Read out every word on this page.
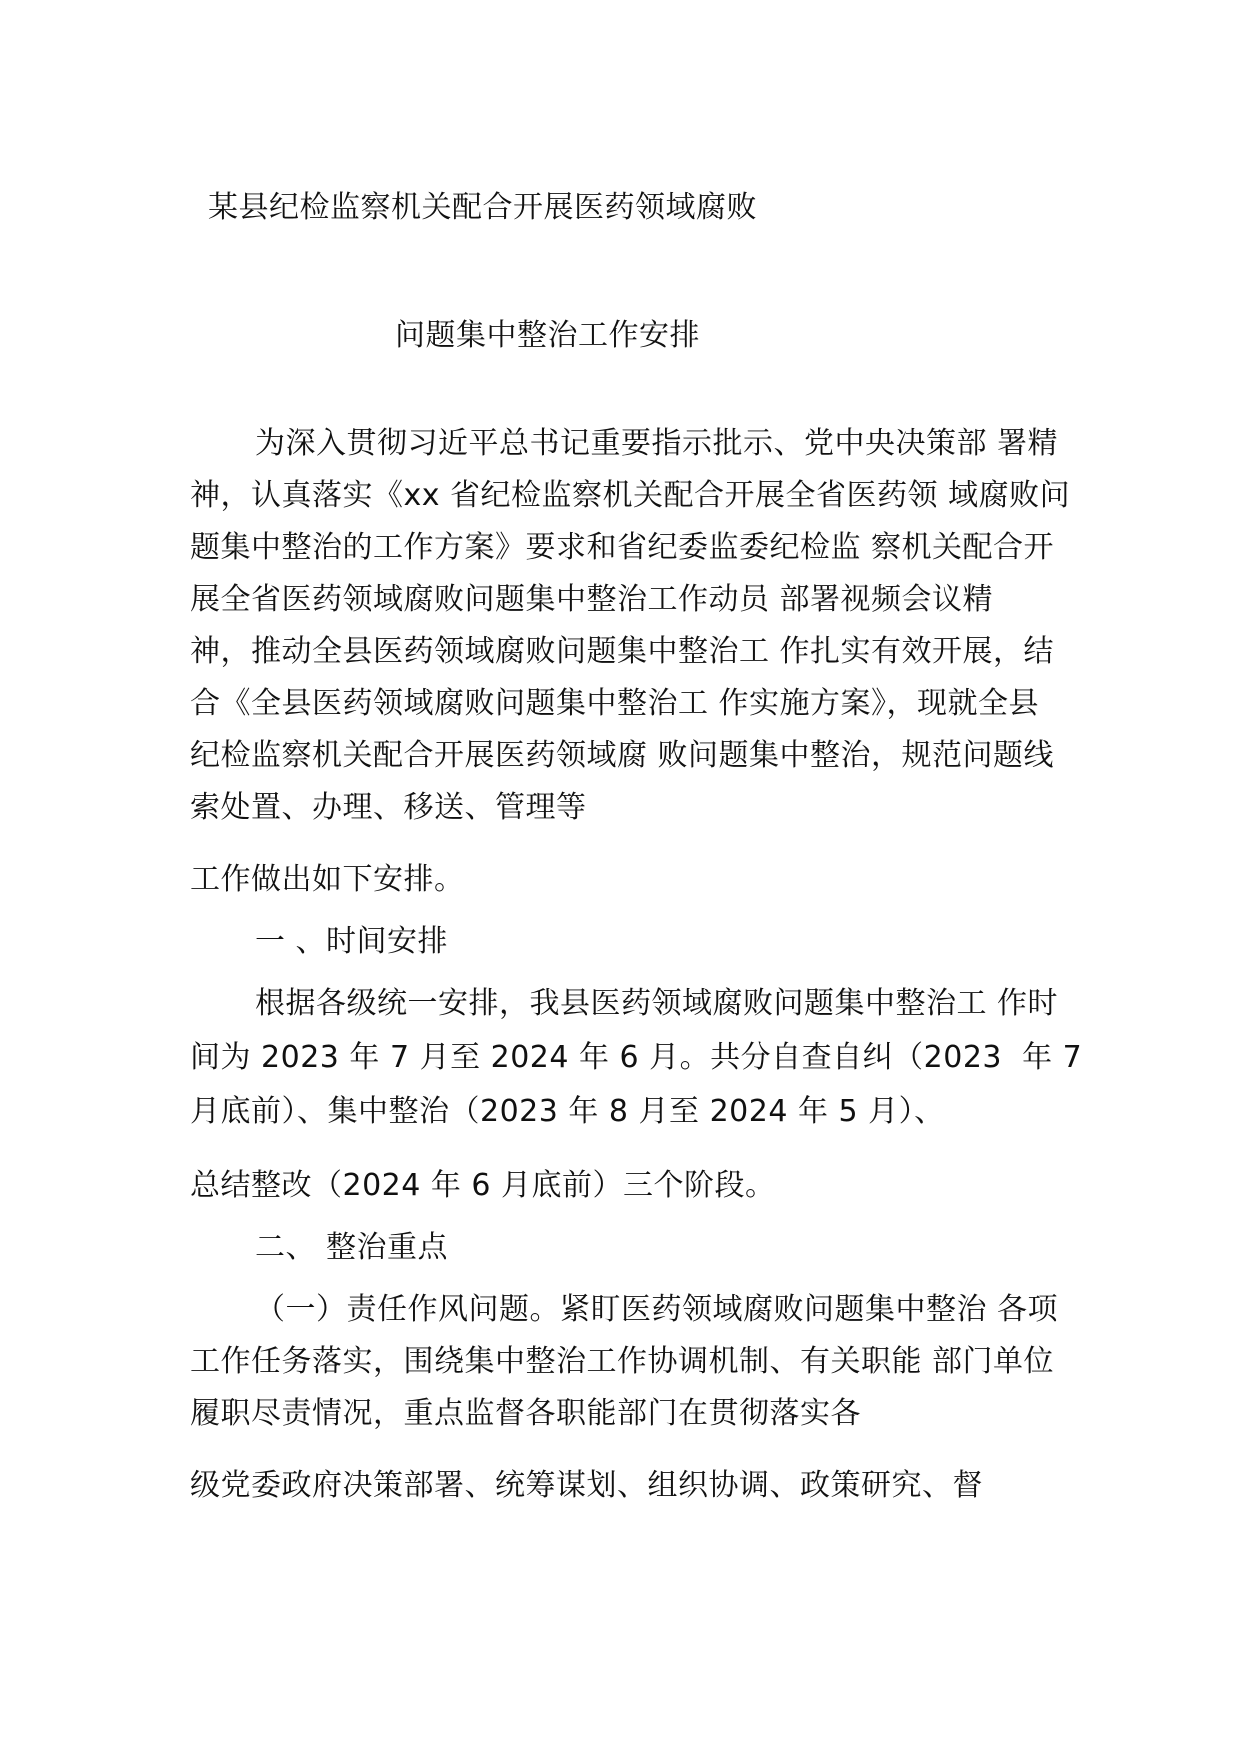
某县纪检监察机关配合开展医药领域腐败
问题集中整治工作安排
为深入贯彻习近平总书记重要指示批示、党中央决策部 署精
神，认真落实《xx 省纪检监察机关配合开展全省医药领 域腐败问
题集中整治的工作方案》要求和省纪委监委纪检监 察机关配合开
展全省医药领域腐败问题集中整治工作动员 部署视频会议精
神，推动全县医药领域腐败问题集中整治工 作扎实有效开展，结
合《全县医药领域腐败问题集中整治工 作实施方案》，现就全县
纪检监察机关配合开展医药领域腐 败问题集中整治，规范问题线
索处置、办理、移送、管理等
工作做出如下安排。
一 、时间安排
根据各级统一安排，我县医药领域腐败问题集中整治工 作时
间为 2023 年 7 月至 2024 年 6 月。共分自查自纠（2023  年 7
月底前）、集中整治（2023 年 8 月至 2024 年 5 月）、
总结整改（2024 年 6 月底前）三个阶段。
二、 整治重点
（一）责任作风问题。紧盯医药领域腐败问题集中整治 各项
工作任务落实，围绕集中整治工作协调机制、有关职能 部门单位
履职尽责情况，重点监督各职能部门在贯彻落实各
级党委政府决策部署、统筹谋划、组织协调、政策研究、督
